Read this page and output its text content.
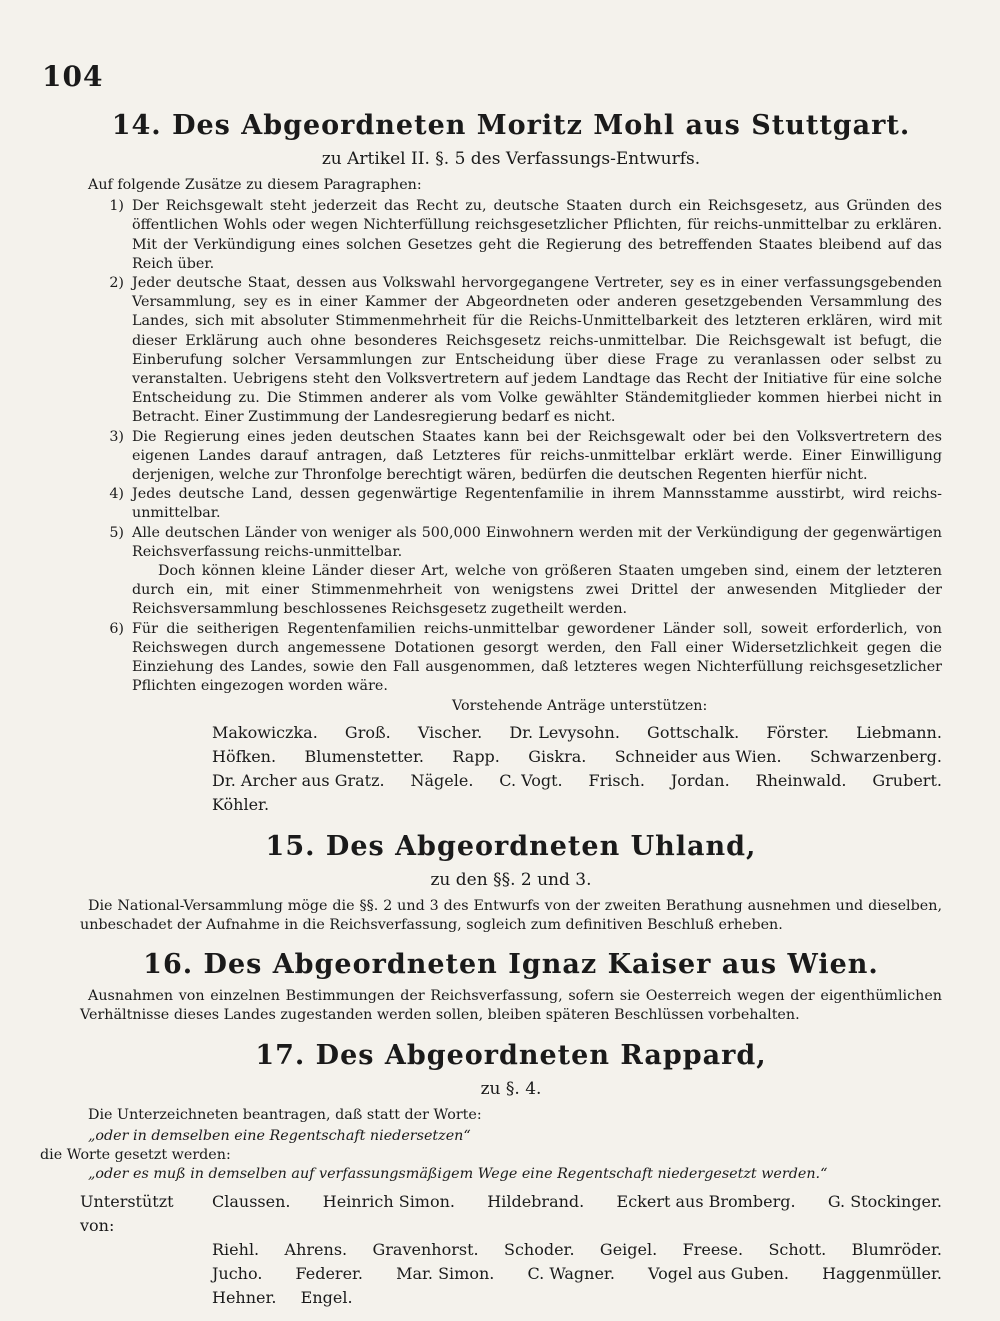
104
14. Des Abgeordneten Moritz Mohl aus Stuttgart.
zu Artikel II. §. 5 des Verfassungs-Entwurfs.
Auf folgende Zusätze zu diesem Paragraphen:
1) Der Reichsgewalt steht jederzeit das Recht zu, deutsche Staaten durch ein Reichsgesetz, aus Gründen des öffentlichen Wohls oder wegen Nichterfüllung reichsgesetzlicher Pflichten, für reichs-unmittelbar zu erklären. Mit der Verkündigung eines solchen Gesetzes geht die Regierung des betreffenden Staates bleibend auf das Reich über.
2) Jeder deutsche Staat, dessen aus Volkswahl hervorgegangene Vertreter, sey es in einer verfassungsgebenden Versammlung, sey es in einer Kammer der Abgeordneten oder anderen gesetzgebenden Versammlung des Landes, sich mit absoluter Stimmenmehrheit für die Reichs-Unmittelbarkeit des letzteren erklären, wird mit dieser Erklärung auch ohne besonderes Reichsgesetz reichs-unmittelbar. Die Reichsgewalt ist befugt, die Einberufung solcher Versammlungen zur Entscheidung über diese Frage zu veranlassen oder selbst zu veranstalten. Uebrigens steht den Volksvertretern auf jedem Landtage das Recht der Initiative für eine solche Entscheidung zu. Die Stimmen anderer als vom Volke gewählter Ständemitglieder kommen hierbei nicht in Betracht. Einer Zustimmung der Landesregierung bedarf es nicht.
3) Die Regierung eines jeden deutschen Staates kann bei der Reichsgewalt oder bei den Volksvertretern des eigenen Landes darauf antragen, daß Letzteres für reichs-unmittelbar erklärt werde. Einer Einwilligung derjenigen, welche zur Thronfolge berechtigt wären, bedürfen die deutschen Regenten hierfür nicht.
4) Jedes deutsche Land, dessen gegenwärtige Regentenfamilie in ihrem Mannsstamme ausstirbt, wird reichs-unmittelbar.
5) Alle deutschen Länder von weniger als 500,000 Einwohnern werden mit der Verkündigung der gegenwärtigen Reichsverfassung reichs-unmittelbar.
Doch können kleine Länder dieser Art, welche von größeren Staaten umgeben sind, einem der letzteren durch ein, mit einer Stimmenmehrheit von wenigstens zwei Drittel der anwesenden Mitglieder der Reichsversammlung beschlossenes Reichsgesetz zugetheilt werden.
6) Für die seitherigen Regentenfamilien reichs-unmittelbar gewordener Länder soll, soweit erforderlich, von Reichswegen durch angemessene Dotationen gesorgt werden, den Fall einer Widersetzlichkeit gegen die Einziehung des Landes, sowie den Fall ausgenommen, daß letzteres wegen Nichterfüllung reichsgesetzlicher Pflichten eingezogen worden wäre.
Vorstehende Anträge unterstützen:
Makowiczka. Groß. Vischer. Dr. Levysohn. Gottschalk. Förster. Liebmann.
Höfken. Blumenstetter. Rapp. Giskra. Schneider aus Wien. Schwarzenberg.
Dr. Archer aus Gratz. Nägele. C. Vogt. Frisch. Jordan. Rheinwald. Grubert.
Köhler.
15. Des Abgeordneten Uhland,
zu den §§. 2 und 3.
Die National-Versammlung möge die §§. 2 und 3 des Entwurfs von der zweiten Berathung ausnehmen und dieselben, unbeschadet der Aufnahme in die Reichsverfassung, sogleich zum definitiven Beschluß erheben.
16. Des Abgeordneten Ignaz Kaiser aus Wien.
Ausnahmen von einzelnen Bestimmungen der Reichsverfassung, sofern sie Oesterreich wegen der eigenthümlichen Verhältnisse dieses Landes zugestanden werden sollen, bleiben späteren Beschlüssen vorbehalten.
17. Des Abgeordneten Rappard,
zu §. 4.
Die Unterzeichneten beantragen, daß statt der Worte:
„oder in demselben eine Regentschaft niedersetzen“
die Worte gesetzt werden:
„oder es muß in demselben auf verfassungsmäßigem Wege eine Regentschaft niedergesetzt werden.“
Unterstützt von:
Claussen. Heinrich Simon. Hildebrand. Eckert aus Bromberg. G. Stockinger.
Riehl. Ahrens. Gravenhorst. Schoder. Geigel. Freese. Schott. Blumröder.
Jucho. Federer. Mar. Simon. C. Wagner. Vogel aus Guben. Haggenmüller.
Hehner. Engel.
